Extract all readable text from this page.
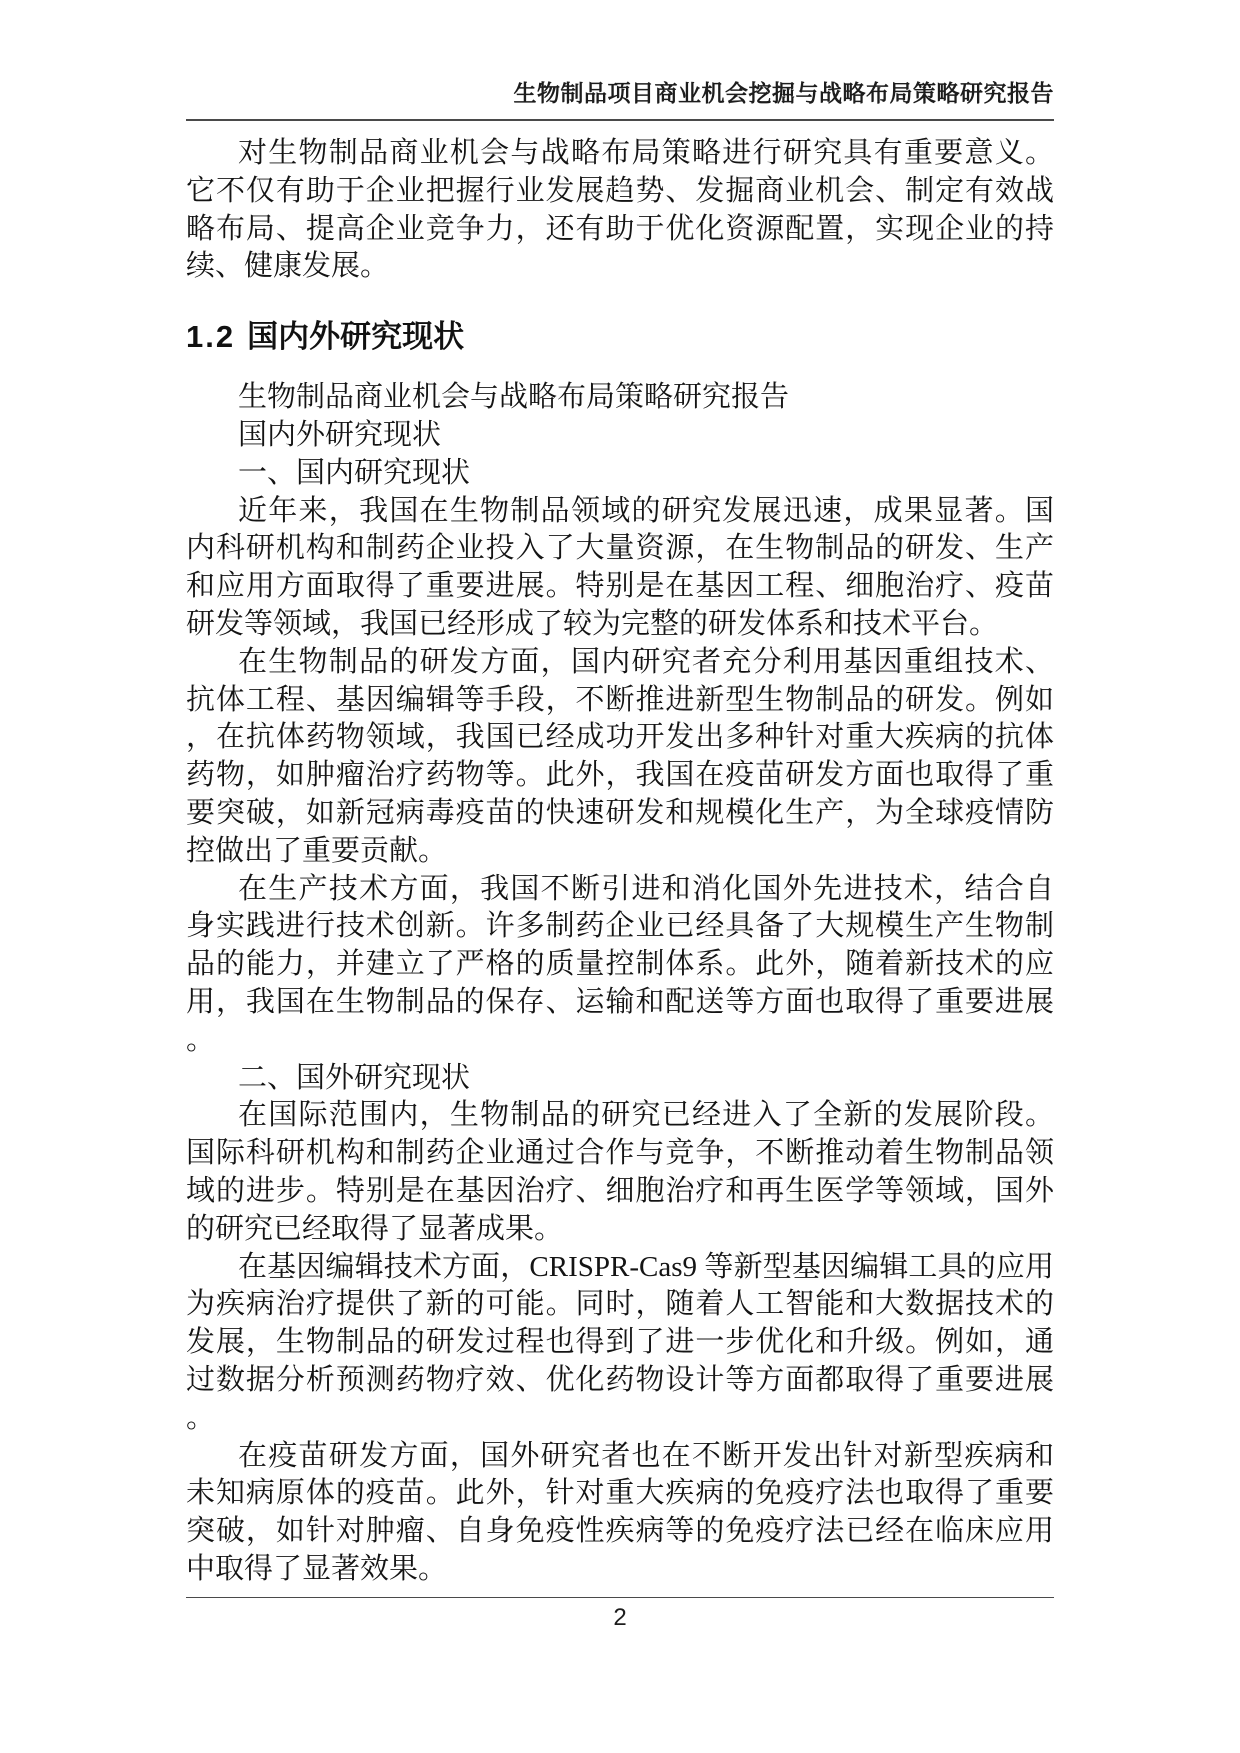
生物制品项目商业机会挖掘与战略布局策略研究报告
对生物制品商业机会与战略布局策略进行研究具有重要意义。
它不仅有助于企业把握行业发展趋势、发掘商业机会、制定有效战
略布局、提高企业竞争力，还有助于优化资源配置，实现企业的持
续、健康发展。
1.2 国内外研究现状
生物制品商业机会与战略布局策略研究报告
国内外研究现状
一、国内研究现状
近年来，我国在生物制品领域的研究发展迅速，成果显著。国
内科研机构和制药企业投入了大量资源，在生物制品的研发、生产
和应用方面取得了重要进展。特别是在基因工程、细胞治疗、疫苗
研发等领域，我国已经形成了较为完整的研发体系和技术平台。
在生物制品的研发方面，国内研究者充分利用基因重组技术、
抗体工程、基因编辑等手段，不断推进新型生物制品的研发。例如
，在抗体药物领域，我国已经成功开发出多种针对重大疾病的抗体
药物，如肿瘤治疗药物等。此外，我国在疫苗研发方面也取得了重
要突破，如新冠病毒疫苗的快速研发和规模化生产，为全球疫情防
控做出了重要贡献。
在生产技术方面，我国不断引进和消化国外先进技术，结合自
身实践进行技术创新。许多制药企业已经具备了大规模生产生物制
品的能力，并建立了严格的质量控制体系。此外，随着新技术的应
用，我国在生物制品的保存、运输和配送等方面也取得了重要进展
。
二、国外研究现状
在国际范围内，生物制品的研究已经进入了全新的发展阶段。
国际科研机构和制药企业通过合作与竞争，不断推动着生物制品领
域的进步。特别是在基因治疗、细胞治疗和再生医学等领域，国外
的研究已经取得了显著成果。
在基因编辑技术方面，CRISPR-Cas9 等新型基因编辑工具的应用
为疾病治疗提供了新的可能。同时，随着人工智能和大数据技术的
发展，生物制品的研发过程也得到了进一步优化和升级。例如，通
过数据分析预测药物疗效、优化药物设计等方面都取得了重要进展
。
在疫苗研发方面，国外研究者也在不断开发出针对新型疾病和
未知病原体的疫苗。此外，针对重大疾病的免疫疗法也取得了重要
突破，如针对肿瘤、自身免疫性疾病等的免疫疗法已经在临床应用
中取得了显著效果。
2
